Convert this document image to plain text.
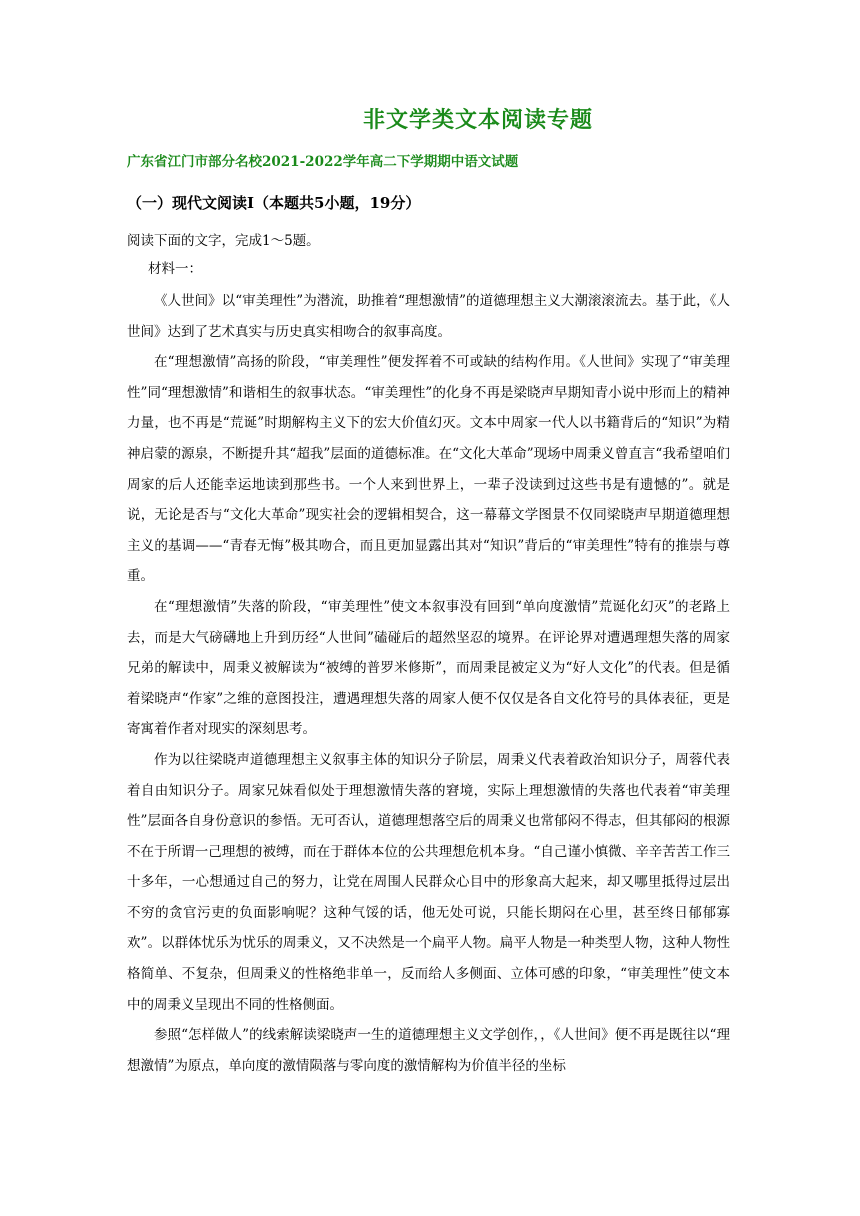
非文学类文本阅读专题
广东省江门市部分名校2021-2022学年高二下学期期中语文试题
（一）现代文阅读Ⅰ（本题共5小题，19分）
阅读下面的文字，完成1～5题。
材料一：

《人世间》以“审美理性”为潜流，助推着“理想激情”的道德理想主义大潮滚滚流去。基于此，《人世间》达到了艺术真实与历史真实相吻合的叙事高度。

在“理想激情”高扬的阶段，“审美理性”便发挥着不可或缺的结构作用。《人世间》实现了“审美理性”同“理想激情”和谐相生的叙事状态。“审美理性”的化身不再是梁晓声早期知青小说中形而上的精神力量，也不再是“荒诞”时期解构主义下的宏大价值幻灭。文本中周家一代人以书籍背后的“知识”为精神启蒙的源泉，不断提升其“超我”层面的道德标准。在“文化大革命”现场中周秉义曾直言“我希望咱们周家的后人还能幸运地读到那些书。一个人来到世界上，一辈子没读到过这些书是有遗憾的”。就是说，无论是否与“文化大革命”现实社会的逻辑相契合，这一幕幕文学图景不仅同梁晓声早期道德理想主义的基调——“青春无悔”极其吻合，而且更加显露出其对“知识”背后的“审美理性”特有的推崇与尊重。

在“理想激情”失落的阶段，“审美理性”使文本叙事没有回到“单向度激情”荒诞化幻灭”的老路上去，而是大气磅礴地上升到历经“人世间”磕碰后的超然坚忍的境界。在评论界对遭遇理想失落的周家兄弟的解读中，周秉义被解读为“被缚的普罗米修斯”，而周秉昆被定义为“好人文化”的代表。但是循着梁晓声“作家”之维的意图投注，遭遇理想失落的周家人便不仅仅是各自文化符号的具体表征，更是寄寓着作者对现实的深刻思考。

作为以往梁晓声道德理想主义叙事主体的知识分子阶层，周秉义代表着政治知识分子，周蓉代表着自由知识分子。周家兄妹看似处于理想激情失落的窘境，实际上理想激情的失落也代表着“审美理性”层面各自身份意识的参悟。无可否认，道德理想落空后的周秉义也常郁闷不得志，但其郁闷的根源不在于所谓一己理想的被缚，而在于群体本位的公共理想危机本身。“自己谨小慎微、辛辛苦苦工作三十多年，一心想通过自己的努力，让党在周围人民群众心目中的形象高大起来，却又哪里抵得过层出不穷的贪官污吏的负面影响呢？这种气馁的话，他无处可说，只能长期闷在心里，甚至终日郁郁寡欢”。以群体忧乐为忧乐的周秉义，又不决然是一个扁平人物。扁平人物是一种类型人物，这种人物性格简单、不复杂，但周秉义的性格绝非单一，反而给人多侧面、立体可感的印象，“审美理性”使文本中的周秉义呈现出不同的性格侧面。

参照“怎样做人”的线索解读梁晓声一生的道德理想主义文学创作，，《人世间》便不再是既往以“理想激情”为原点，单向度的激情陨落与零向度的激情解构为价值半径的坐标
